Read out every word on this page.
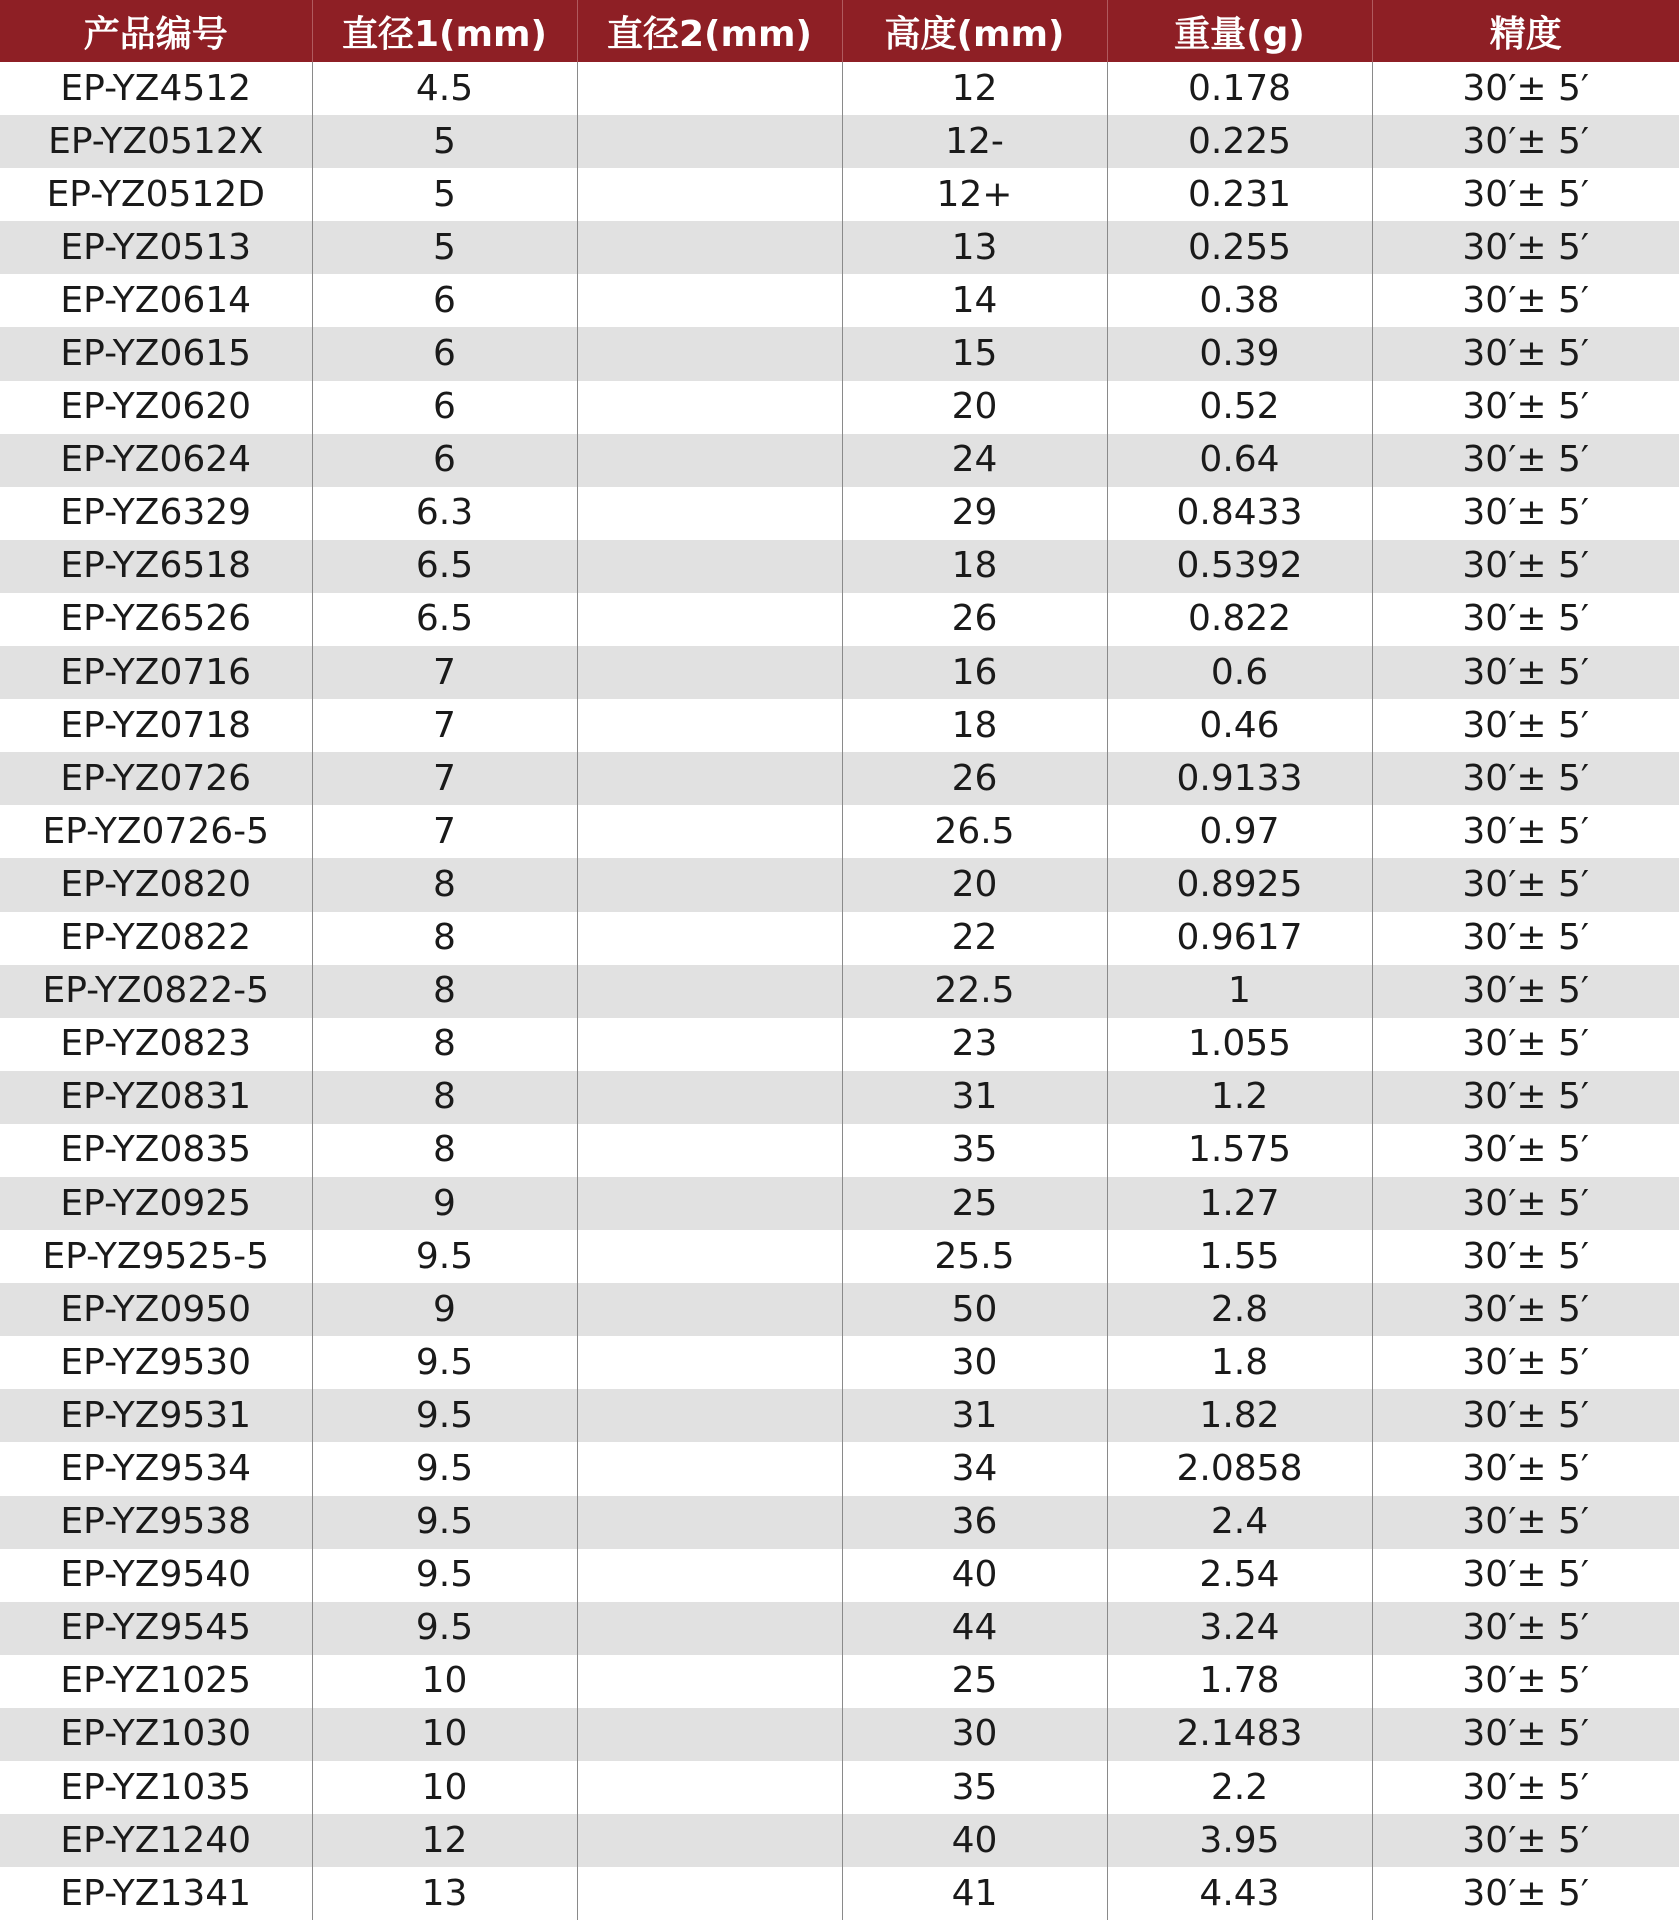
产品编号	直径1(mm)	直径2(mm)	高度(mm)	重量(g)	精度
EP-YZ4512	4.5		12	0.178	30′± 5′
EP-YZ0512X	5		12-	0.225	30′± 5′
EP-YZ0512D	5		12+	0.231	30′± 5′
EP-YZ0513	5		13	0.255	30′± 5′
EP-YZ0614	6		14	0.38	30′± 5′
EP-YZ0615	6		15	0.39	30′± 5′
EP-YZ0620	6		20	0.52	30′± 5′
EP-YZ0624	6		24	0.64	30′± 5′
EP-YZ6329	6.3		29	0.8433	30′± 5′
EP-YZ6518	6.5		18	0.5392	30′± 5′
EP-YZ6526	6.5		26	0.822	30′± 5′
EP-YZ0716	7		16	0.6	30′± 5′
EP-YZ0718	7		18	0.46	30′± 5′
EP-YZ0726	7		26	0.9133	30′± 5′
EP-YZ0726-5	7		26.5	0.97	30′± 5′
EP-YZ0820	8		20	0.8925	30′± 5′
EP-YZ0822	8		22	0.9617	30′± 5′
EP-YZ0822-5	8		22.5	1	30′± 5′
EP-YZ0823	8		23	1.055	30′± 5′
EP-YZ0831	8		31	1.2	30′± 5′
EP-YZ0835	8		35	1.575	30′± 5′
EP-YZ0925	9		25	1.27	30′± 5′
EP-YZ9525-5	9.5		25.5	1.55	30′± 5′
EP-YZ0950	9		50	2.8	30′± 5′
EP-YZ9530	9.5		30	1.8	30′± 5′
EP-YZ9531	9.5		31	1.82	30′± 5′
EP-YZ9534	9.5		34	2.0858	30′± 5′
EP-YZ9538	9.5		36	2.4	30′± 5′
EP-YZ9540	9.5		40	2.54	30′± 5′
EP-YZ9545	9.5		44	3.24	30′± 5′
EP-YZ1025	10		25	1.78	30′± 5′
EP-YZ1030	10		30	2.1483	30′± 5′
EP-YZ1035	10		35	2.2	30′± 5′
EP-YZ1240	12		40	3.95	30′± 5′
EP-YZ1341	13		41	4.43	30′± 5′
